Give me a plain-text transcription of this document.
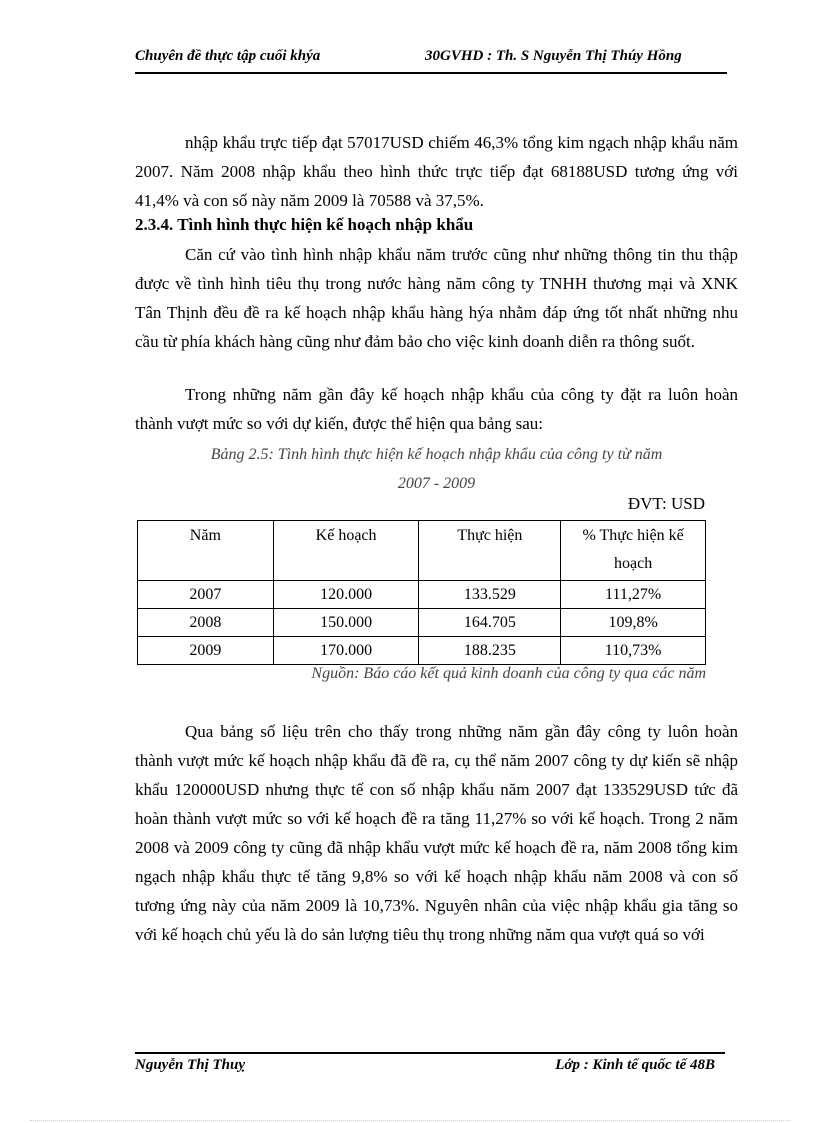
Chuyên đề thực tập cuối khýa	30GVHD : Th. S Nguyễn Thị Thúy Hồng
nhập khẩu trực tiếp đạt 57017USD chiếm 46,3% tổng kim ngạch nhập khẩu năm 2007. Năm 2008 nhập khẩu theo hình thức trực tiếp đạt 68188USD tương ứng với 41,4% và con số này năm 2009 là 70588 và 37,5%.
2.3.4. Tình hình thực hiện kế hoạch nhập khẩu
Căn cứ vào tình hình nhập khẩu năm trước cũng như những thông tin thu thập được về tình hình tiêu thụ trong nước hàng năm công ty TNHH thương mại và XNK Tân Thịnh đều đề ra kế hoạch nhập khẩu hàng hýa nhằm đáp ứng tốt nhất những nhu cầu từ phía khách hàng cũng như đảm bảo cho việc kinh doanh diễn ra thông suốt.
Trong những năm gần đây kế hoạch nhập khẩu của công ty đặt ra luôn hoàn thành vượt mức so với dự kiến, được thể hiện qua bảng sau:
Bảng 2.5: Tình hình thực hiện kế hoạch nhập khẩu của công ty từ năm
2007 - 2009
ĐVT: USD
Năm	Kế hoạch	Thực hiện	% Thực hiện kế hoạch
2007	120.000	133.529	111,27%
2008	150.000	164.705	109,8%
2009	170.000	188.235	110,73%
Nguồn: Báo cáo kết quả kinh doanh của công ty qua các năm
Qua bảng số liệu trên cho thấy trong những năm gần đây công ty luôn hoàn thành vượt mức kế hoạch nhập khẩu đã đề ra, cụ thể năm 2007 công ty dự kiến sẽ nhập khẩu 120000USD nhưng thực tế con số nhập khẩu năm 2007 đạt 133529USD tức đã hoàn thành vượt mức so với kế hoạch đề ra tăng 11,27% so với kế hoạch. Trong 2 năm 2008 và 2009 công ty cũng đã nhập khẩu vượt mức kế hoạch đề ra, năm 2008 tổng kim ngạch nhập khẩu thực tế tăng 9,8% so với kế hoạch nhập khẩu năm 2008 và con số tương ứng này của năm 2009 là 10,73%. Nguyên nhân của việc nhập khẩu gia tăng so với kế hoạch chủ yếu là do sản lượng tiêu thụ trong những năm qua vượt quá so với
Nguyễn Thị Thuỵ	Lớp : Kinh tế quốc tế 48B
